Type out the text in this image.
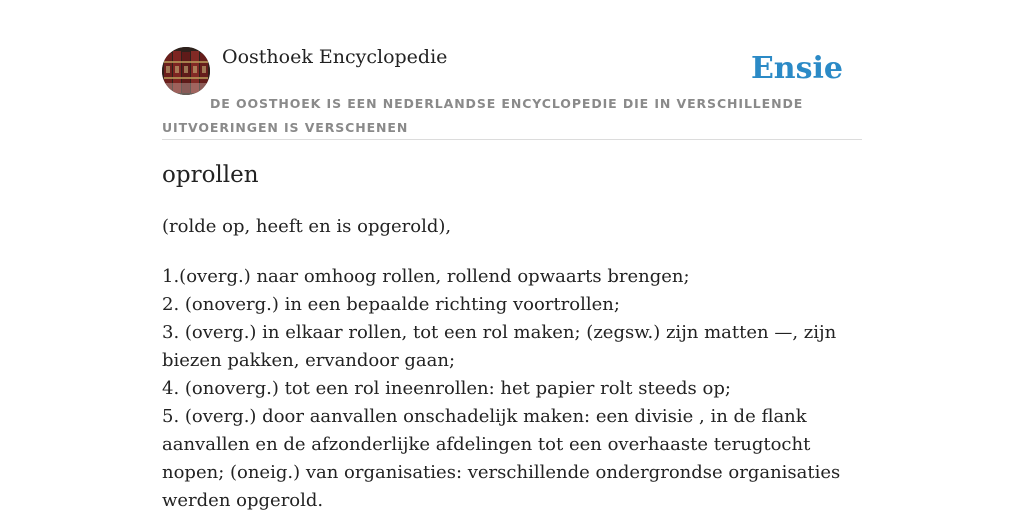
Oosthoek Encyclopedie	Ensie
DE OOSTHOEK IS EEN NEDERLANDSE ENCYCLOPEDIE DIE IN VERSCHILLENDE UITVOERINGEN IS VERSCHENEN
oprollen

(rolde op, heeft en is opgerold),

1.(overg.) naar omhoog rollen, rollend opwaarts brengen;
2. (onoverg.) in een bepaalde richting voortrollen;
3. (overg.) in elkaar rollen, tot een rol maken; (zegsw.) zijn matten —, zijn biezen pakken, ervandoor gaan;
4. (onoverg.) tot een rol ineenrollen: het papier rolt steeds op;
5. (overg.) door aanvallen onschadelijk maken: een divisie , in de flank aanvallen en de afzonderlijke afdelingen tot een overhaaste terugtocht nopen; (oneig.) van organisaties: verschillende ondergrondse organisaties werden opgerold.
